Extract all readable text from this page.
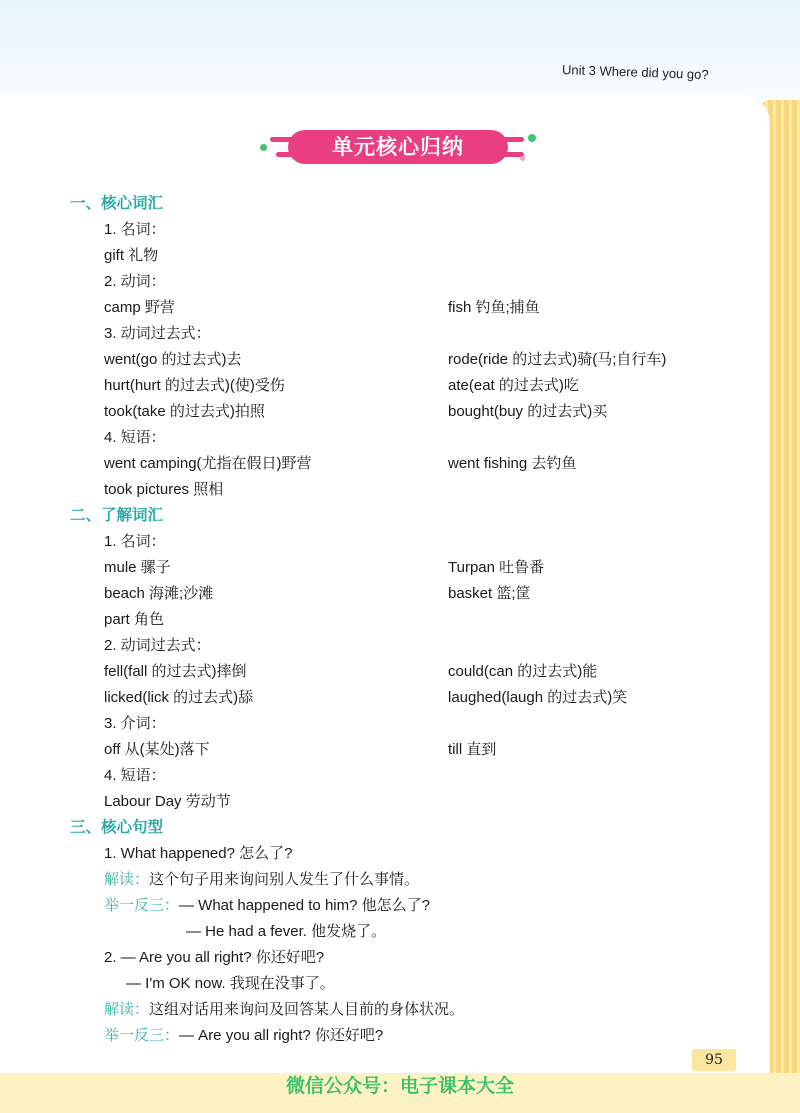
Unit 3 Where did you go?
单元核心归纳
一、核心词汇
1. 名词：
gift 礼物
2. 动词：
camp 野营	fish 钓鱼;捕鱼
3. 动词过去式：
went(go 的过去式)去	rode(ride 的过去式)骑(马;自行车)
hurt(hurt 的过去式)(使)受伤	ate(eat 的过去式)吃
took(take 的过去式)拍照	bought(buy 的过去式)买
4. 短语：
went camping(尤指在假日)野营	went fishing 去钓鱼
took pictures 照相
二、了解词汇
1. 名词：
mule 骡子	Turpan 吐鲁番
beach 海滩;沙滩	basket 篮;筐
part 角色
2. 动词过去式：
fell(fall 的过去式)摔倒	could(can 的过去式)能
licked(lick 的过去式)舔	laughed(laugh 的过去式)笑
3. 介词：
off 从(某处)落下	till 直到
4. 短语：
Labour Day 劳动节
三、核心句型
1. What happened? 怎么了?
解读：这个句子用来询问别人发生了什么事情。
举一反三：— What happened to him? 他怎么了?
— He had a fever. 他发烧了。
2. — Are you all right? 你还好吧?
— I'm OK now. 我现在没事了。
解读：这组对话用来询问及回答某人目前的身体状况。
举一反三：— Are you all right? 你还好吧?
95
微信公众号：电子课本大全
